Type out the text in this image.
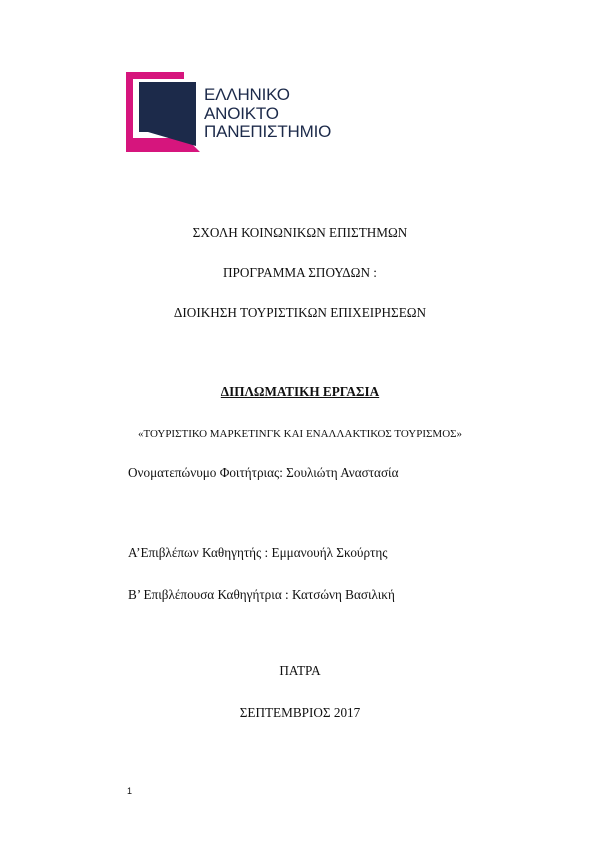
ΕΛΛΗΝΙΚΟ
ΑΝΟΙΚΤΟ
ΠΑΝΕΠΙΣΤΗΜΙΟ
ΣΧΟΛΗ ΚΟΙΝΩΝΙΚΩΝ ΕΠΙΣΤΗΜΩΝ
ΠΡΟΓΡΑΜΜΑ ΣΠΟΥΔΩΝ :
ΔΙΟΙΚΗΣΗ ΤΟΥΡΙΣΤΙΚΩΝ ΕΠΙΧΕΙΡΗΣΕΩΝ
ΔΙΠΛΩΜΑΤΙΚΗ ΕΡΓΑΣΙΑ
«ΤΟΥΡΙΣΤΙΚΟ ΜΑΡΚΕΤΙΝΓΚ ΚΑΙ ΕΝΑΛΛΑΚΤΙΚΟΣ ΤΟΥΡΙΣΜΟΣ»
Ονοματεπώνυμο Φοιτήτριας: Σουλιώτη Αναστασία
Α’Επιβλέπων Καθηγητής : Εμμανουήλ Σκούρτης
Β’ Επιβλέπουσα Καθηγήτρια : Κατσώνη Βασιλική
ΠΑΤΡΑ
ΣΕΠΤΕΜΒΡΙΟΣ 2017
1
